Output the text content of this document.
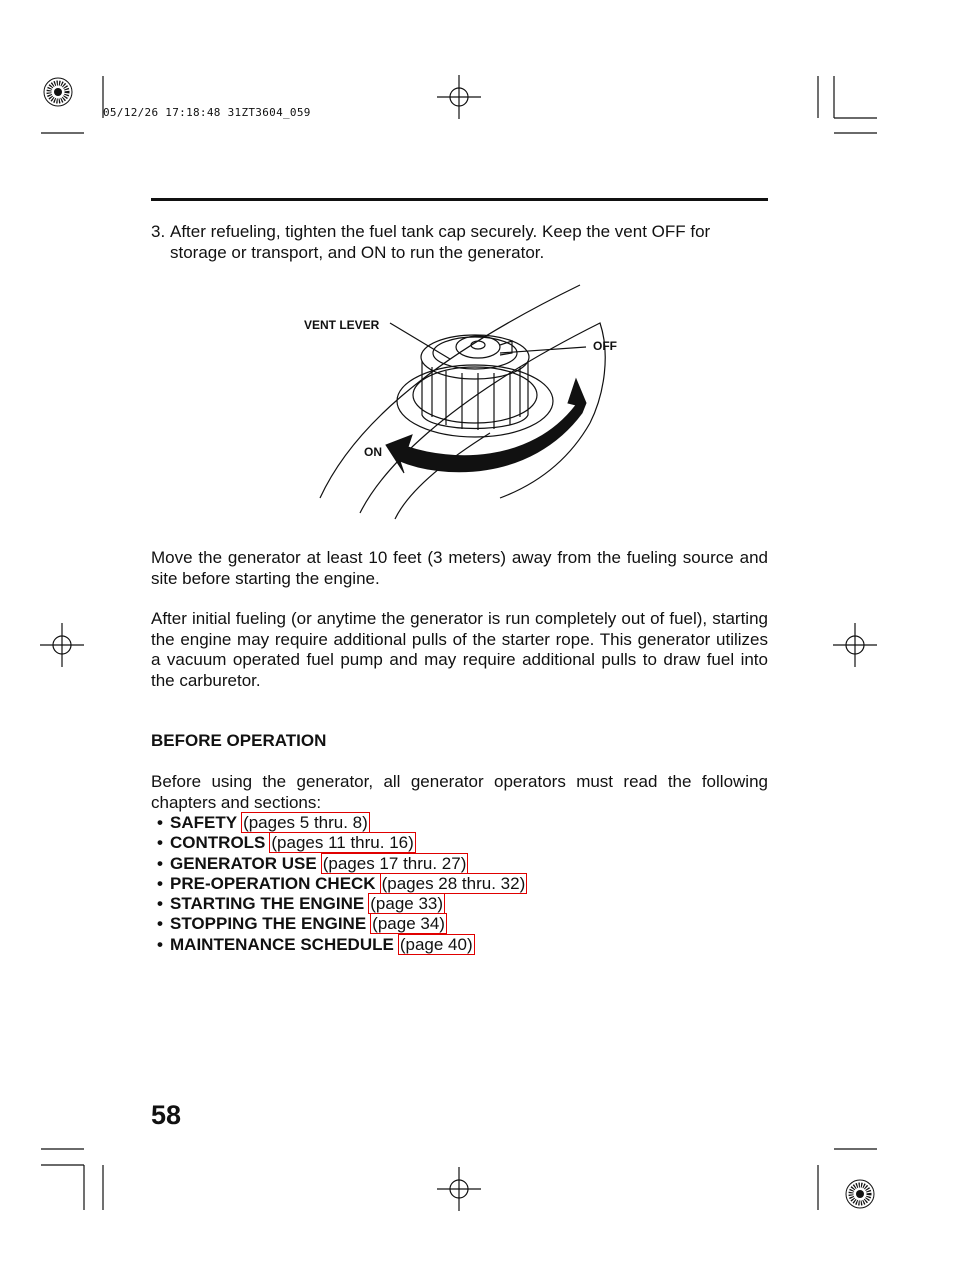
05/12/26 17:18:48 31ZT3604_059
3. After refueling, tighten the fuel tank cap securely. Keep the vent OFF for storage or transport, and ON to run the generator.
VENT LEVER
OFF
ON
Move the generator at least 10 feet (3 meters) away from the fueling source and site before starting the engine.
After initial fueling (or anytime the generator is run completely out of fuel), starting the engine may require additional pulls of the starter rope. This generator utilizes a vacuum operated fuel pump and may require additional pulls to draw fuel into the carburetor.
BEFORE OPERATION
Before using the generator, all generator operators must read the following chapters and sections:
• SAFETY (pages 5 thru. 8)
• CONTROLS (pages 11 thru. 16)
• GENERATOR USE (pages 17 thru. 27)
• PRE-OPERATION CHECK (pages 28 thru. 32)
• STARTING THE ENGINE (page 33)
• STOPPING THE ENGINE (page 34)
• MAINTENANCE SCHEDULE (page 40)
58
